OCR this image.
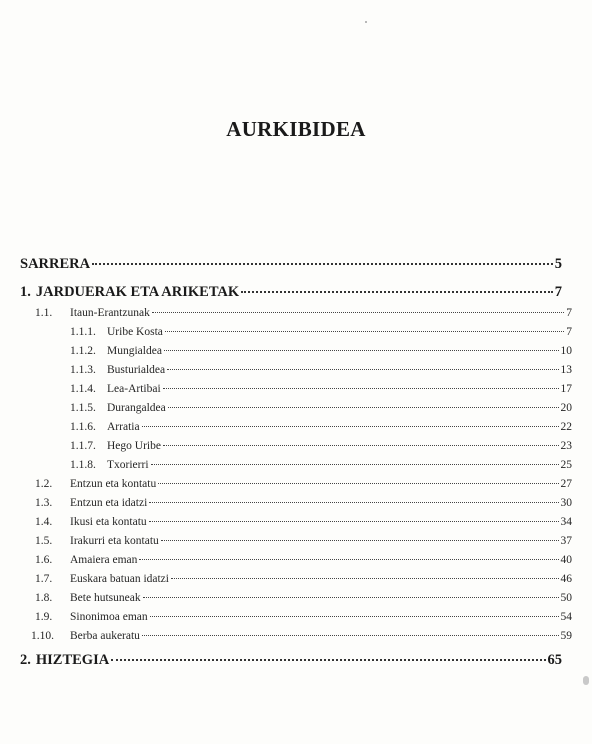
AURKIBIDEA
SARRERA	5
1. JARDUERAK ETA ARIKETAK	7
1.1.	Itaun-Erantzunak	7
1.1.1. Uribe Kosta	7
1.1.2. Mungialdea	10
1.1.3. Busturialdea	13
1.1.4. Lea-Artibai	17
1.1.5. Durangaldea	20
1.1.6. Arratia	22
1.1.7. Hego Uribe	23
1.1.8. Txorierri	25
1.2.	Entzun eta kontatu	27
1.3.	Entzun eta idatzi	30
1.4.	Ikusi eta kontatu	34
1.5.	Irakurri eta kontatu	37
1.6.	Amaiera eman	40
1.7.	Euskara batuan idatzi	46
1.8.	Bete hutsuneak	50
1.9.	Sinonimoa eman	54
1.10.	Berba aukeratu	59
2. HIZTEGIA	65
